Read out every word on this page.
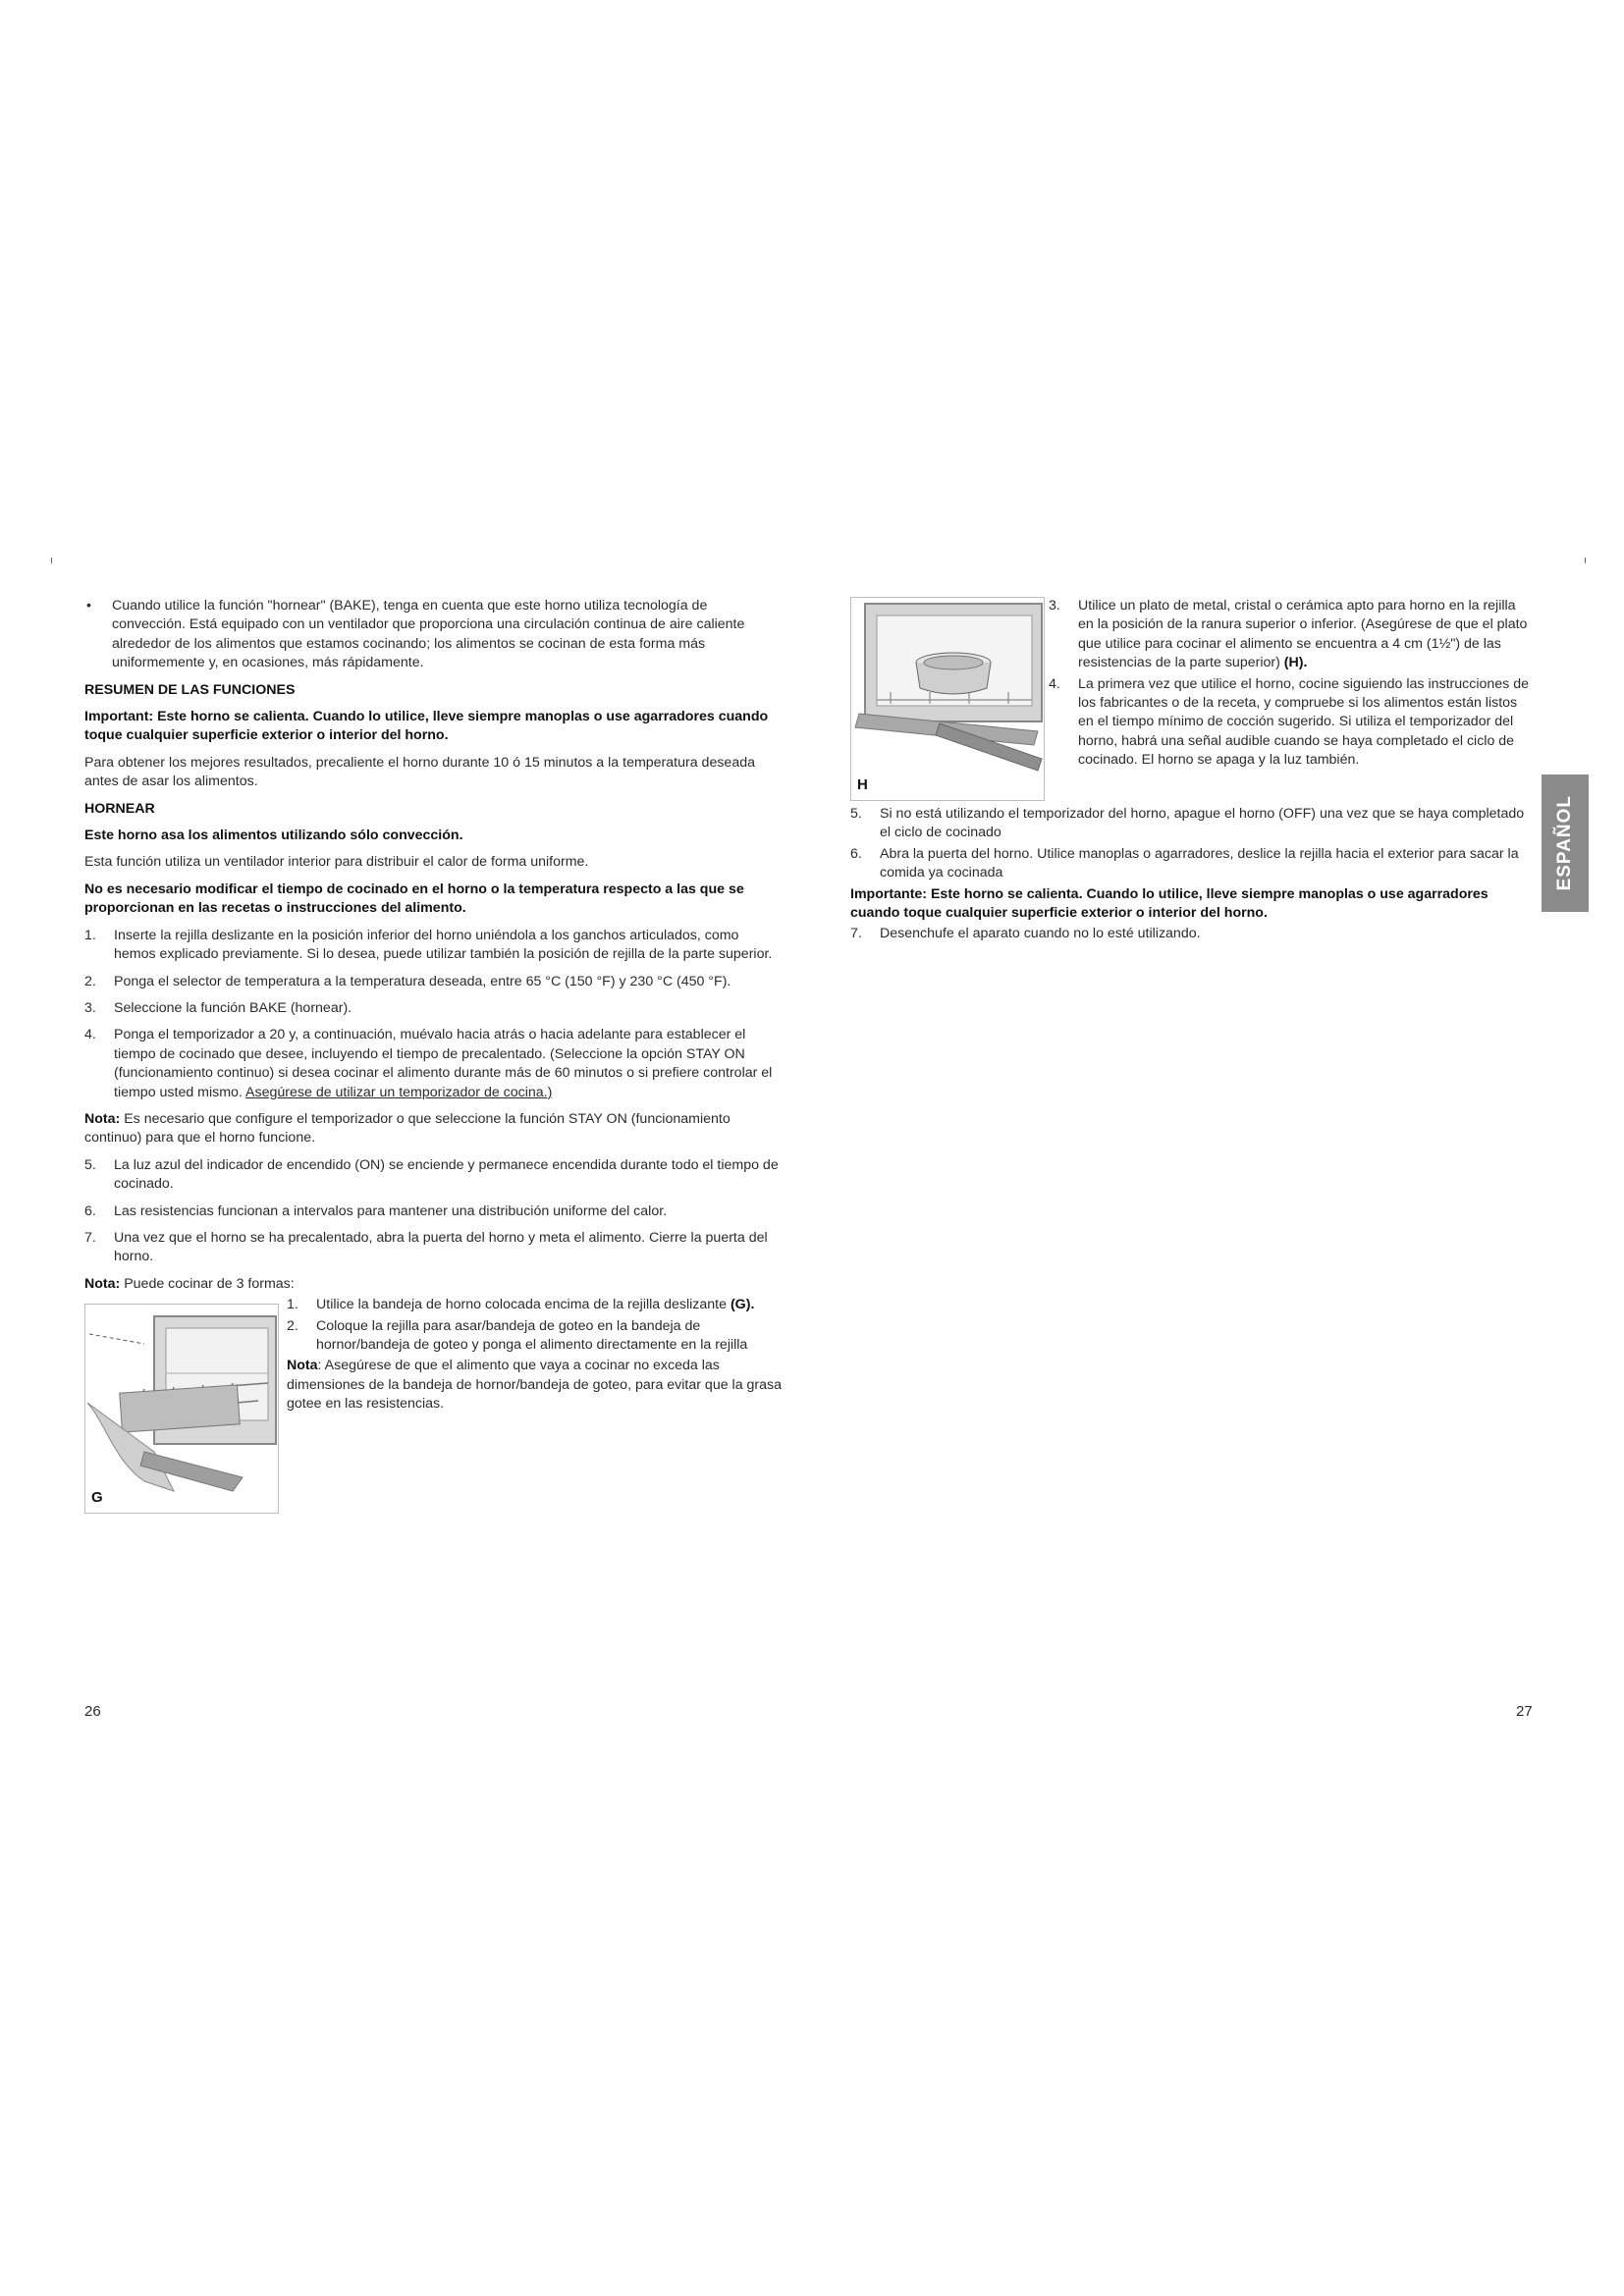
•	Cuando utilice la función "hornear" (BAKE), tenga en cuenta que este horno utiliza tecnología de convección. Está equipado con un ventilador que proporciona una circulación continua de aire caliente alrededor de los alimentos que estamos cocinando; los alimentos se cocinan de esta forma más uniformemente y, en ocasiones, más rápidamente.

RESUMEN DE LAS FUNCIONES

Important: Este horno se calienta. Cuando lo utilice, lleve siempre manoplas o use agarradores cuando toque cualquier superficie exterior o interior del horno.

Para obtener los mejores resultados, precaliente el horno durante 10 ó 15 minutos a la temperatura deseada antes de asar los alimentos.

HORNEAR

Este horno asa los alimentos utilizando sólo convección.

Esta función utiliza un ventilador interior para distribuir el calor de forma uniforme.

No es necesario modificar el tiempo de cocinado en el horno o la temperatura respecto a las que se proporcionan en las recetas o instrucciones del alimento.

1.	Inserte la rejilla deslizante en la posición inferior del horno uniéndola a los ganchos articulados, como hemos explicado previamente. Si lo desea, puede utilizar también la posición de rejilla de la parte superior.
2.	Ponga el selector de temperatura a la temperatura deseada, entre 65 °C (150 °F) y 230 °C (450 °F).
3.	Seleccione la función BAKE (hornear).
4.	Ponga el temporizador a 20 y, a continuación, muévalo hacia atrás o hacia adelante para establecer el tiempo de cocinado que desee, incluyendo el tiempo de precalentado. (Seleccione la opción STAY ON (funcionamiento continuo) si desea cocinar el alimento durante más de 60 minutos o si prefiere controlar el tiempo usted mismo. Asegúrese de utilizar un temporizador de cocina.)

Nota: Es necesario que configure el temporizador o que seleccione la función STAY ON (funcionamiento continuo) para que el horno funcione.

5.	La luz azul del indicador de encendido (ON) se enciende y permanece encendida durante todo el tiempo de cocinado.
6.	Las resistencias funcionan a intervalos para mantener una distribución uniforme del calor.
7.	Una vez que el horno se ha precalentado, abra la puerta del horno y meta el alimento. Cierre la puerta del horno.

Nota: Puede cocinar de 3 formas:

G
1.	Utilice la bandeja de horno colocada encima de la rejilla deslizante (G).
2.	Coloque la rejilla para asar/bandeja de goteo en la bandeja de hornor/bandeja de goteo y ponga el alimento directamente en la rejilla

Nota: Asegúrese de que el alimento que vaya a cocinar no exceda las dimensiones de la bandeja de hornor/bandeja de goteo, para evitar que la grasa gotee en las resistencias.

H
3.	Utilice un plato de metal, cristal o cerámica apto para horno en la rejilla en la posición de la ranura superior o inferior. (Asegúrese de que el plato que utilice para cocinar el alimento se encuentra a 4 cm (1½") de las resistencias de la parte superior) (H).
4.	La primera vez que utilice el horno, cocine siguiendo las instrucciones de los fabricantes o de la receta, y compruebe si los alimentos están listos en el tiempo mínimo de cocción sugerido. Si utiliza el temporizador del horno, habrá una señal audible cuando se haya completado el ciclo de cocinado. El horno se apaga y la luz también.
5.	Si no está utilizando el temporizador del horno, apague el horno (OFF) una vez que se haya completado el ciclo de cocinado
6.	Abra la puerta del horno. Utilice manoplas o agarradores, deslice la rejilla hacia el exterior para sacar la comida ya cocinada

Importante: Este horno se calienta. Cuando lo utilice, lleve siempre manoplas o use agarradores cuando toque cualquier superficie exterior o interior del horno.

7.	Desenchufe el aparato cuando no lo esté utilizando.
ESPAÑOL
26	27
